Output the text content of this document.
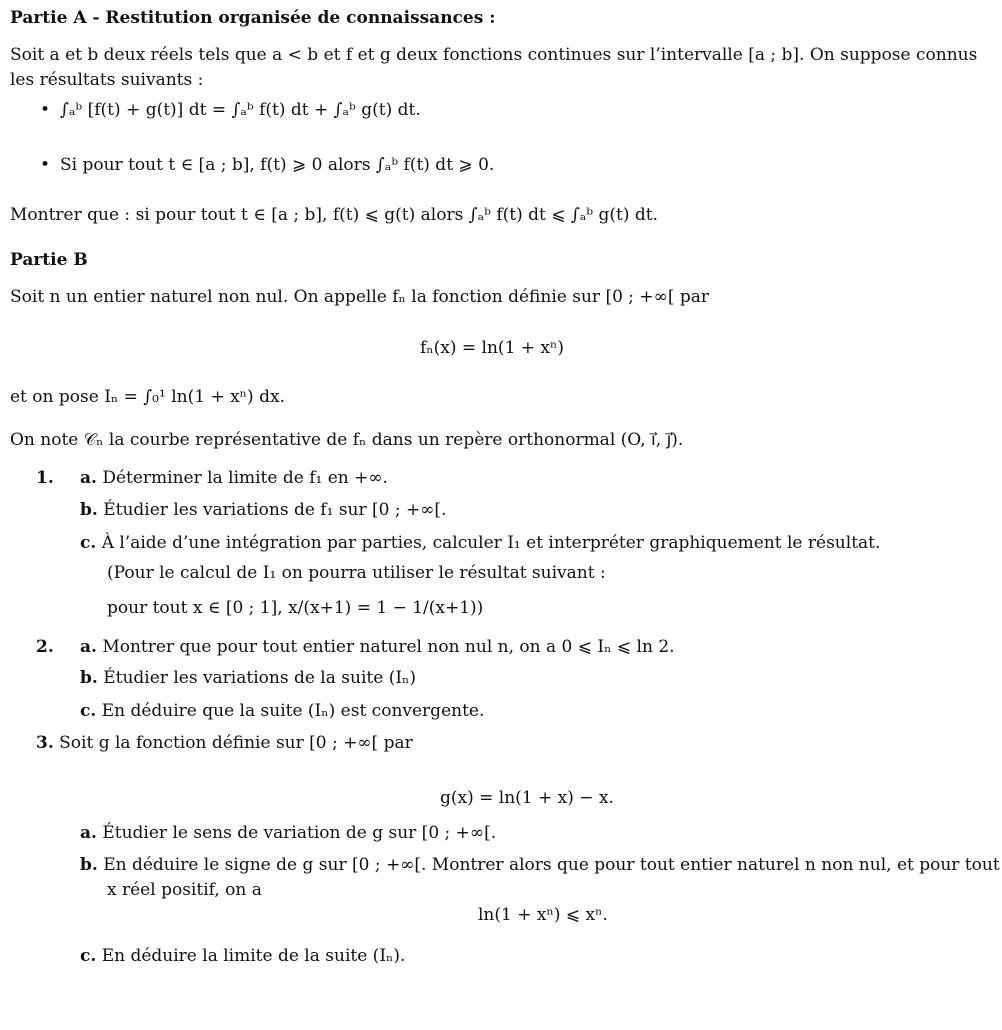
Partie A - Restitution organisée de connaissances :
Soit a et b deux réels tels que a < b et f et g deux fonctions continues sur l’intervalle [a ; b]. On suppose connus
les résultats suivants :
• ∫ₐᵇ [f(t) + g(t)] dt = ∫ₐᵇ f(t) dt + ∫ₐᵇ g(t) dt.
• Si pour tout t ∈ [a ; b], f(t) ⩾ 0 alors ∫ₐᵇ f(t) dt ⩾ 0.
Montrer que : si pour tout t ∈ [a ; b], f(t) ⩽ g(t) alors ∫ₐᵇ f(t) dt ⩽ ∫ₐᵇ g(t) dt.
Partie B
Soit n un entier naturel non nul. On appelle fₙ la fonction définie sur [0 ; +∞[ par
fₙ(x) = ln(1 + xⁿ)
et on pose Iₙ = ∫₀¹ ln(1 + xⁿ) dx.
On note 𝒞ₙ la courbe représentative de fₙ dans un repère orthonormal (O, i⃗, j⃗).
1. a. Déterminer la limite de f₁ en +∞.
b. Étudier les variations de f₁ sur [0 ; +∞[.
c. À l’aide d’une intégration par parties, calculer I₁ et interpréter graphiquement le résultat.
(Pour le calcul de I₁ on pourra utiliser le résultat suivant :
pour tout x ∈ [0 ; 1], x/(x+1) = 1 − 1/(x+1))
2. a. Montrer que pour tout entier naturel non nul n, on a 0 ⩽ Iₙ ⩽ ln 2.
b. Étudier les variations de la suite (Iₙ)
c. En déduire que la suite (Iₙ) est convergente.
3. Soit g la fonction définie sur [0 ; +∞[ par
g(x) = ln(1 + x) − x.
a. Étudier le sens de variation de g sur [0 ; +∞[.
b. En déduire le signe de g sur [0 ; +∞[. Montrer alors que pour tout entier naturel n non nul, et pour tout
x réel positif, on a
ln(1 + xⁿ) ⩽ xⁿ.
c. En déduire la limite de la suite (Iₙ).
